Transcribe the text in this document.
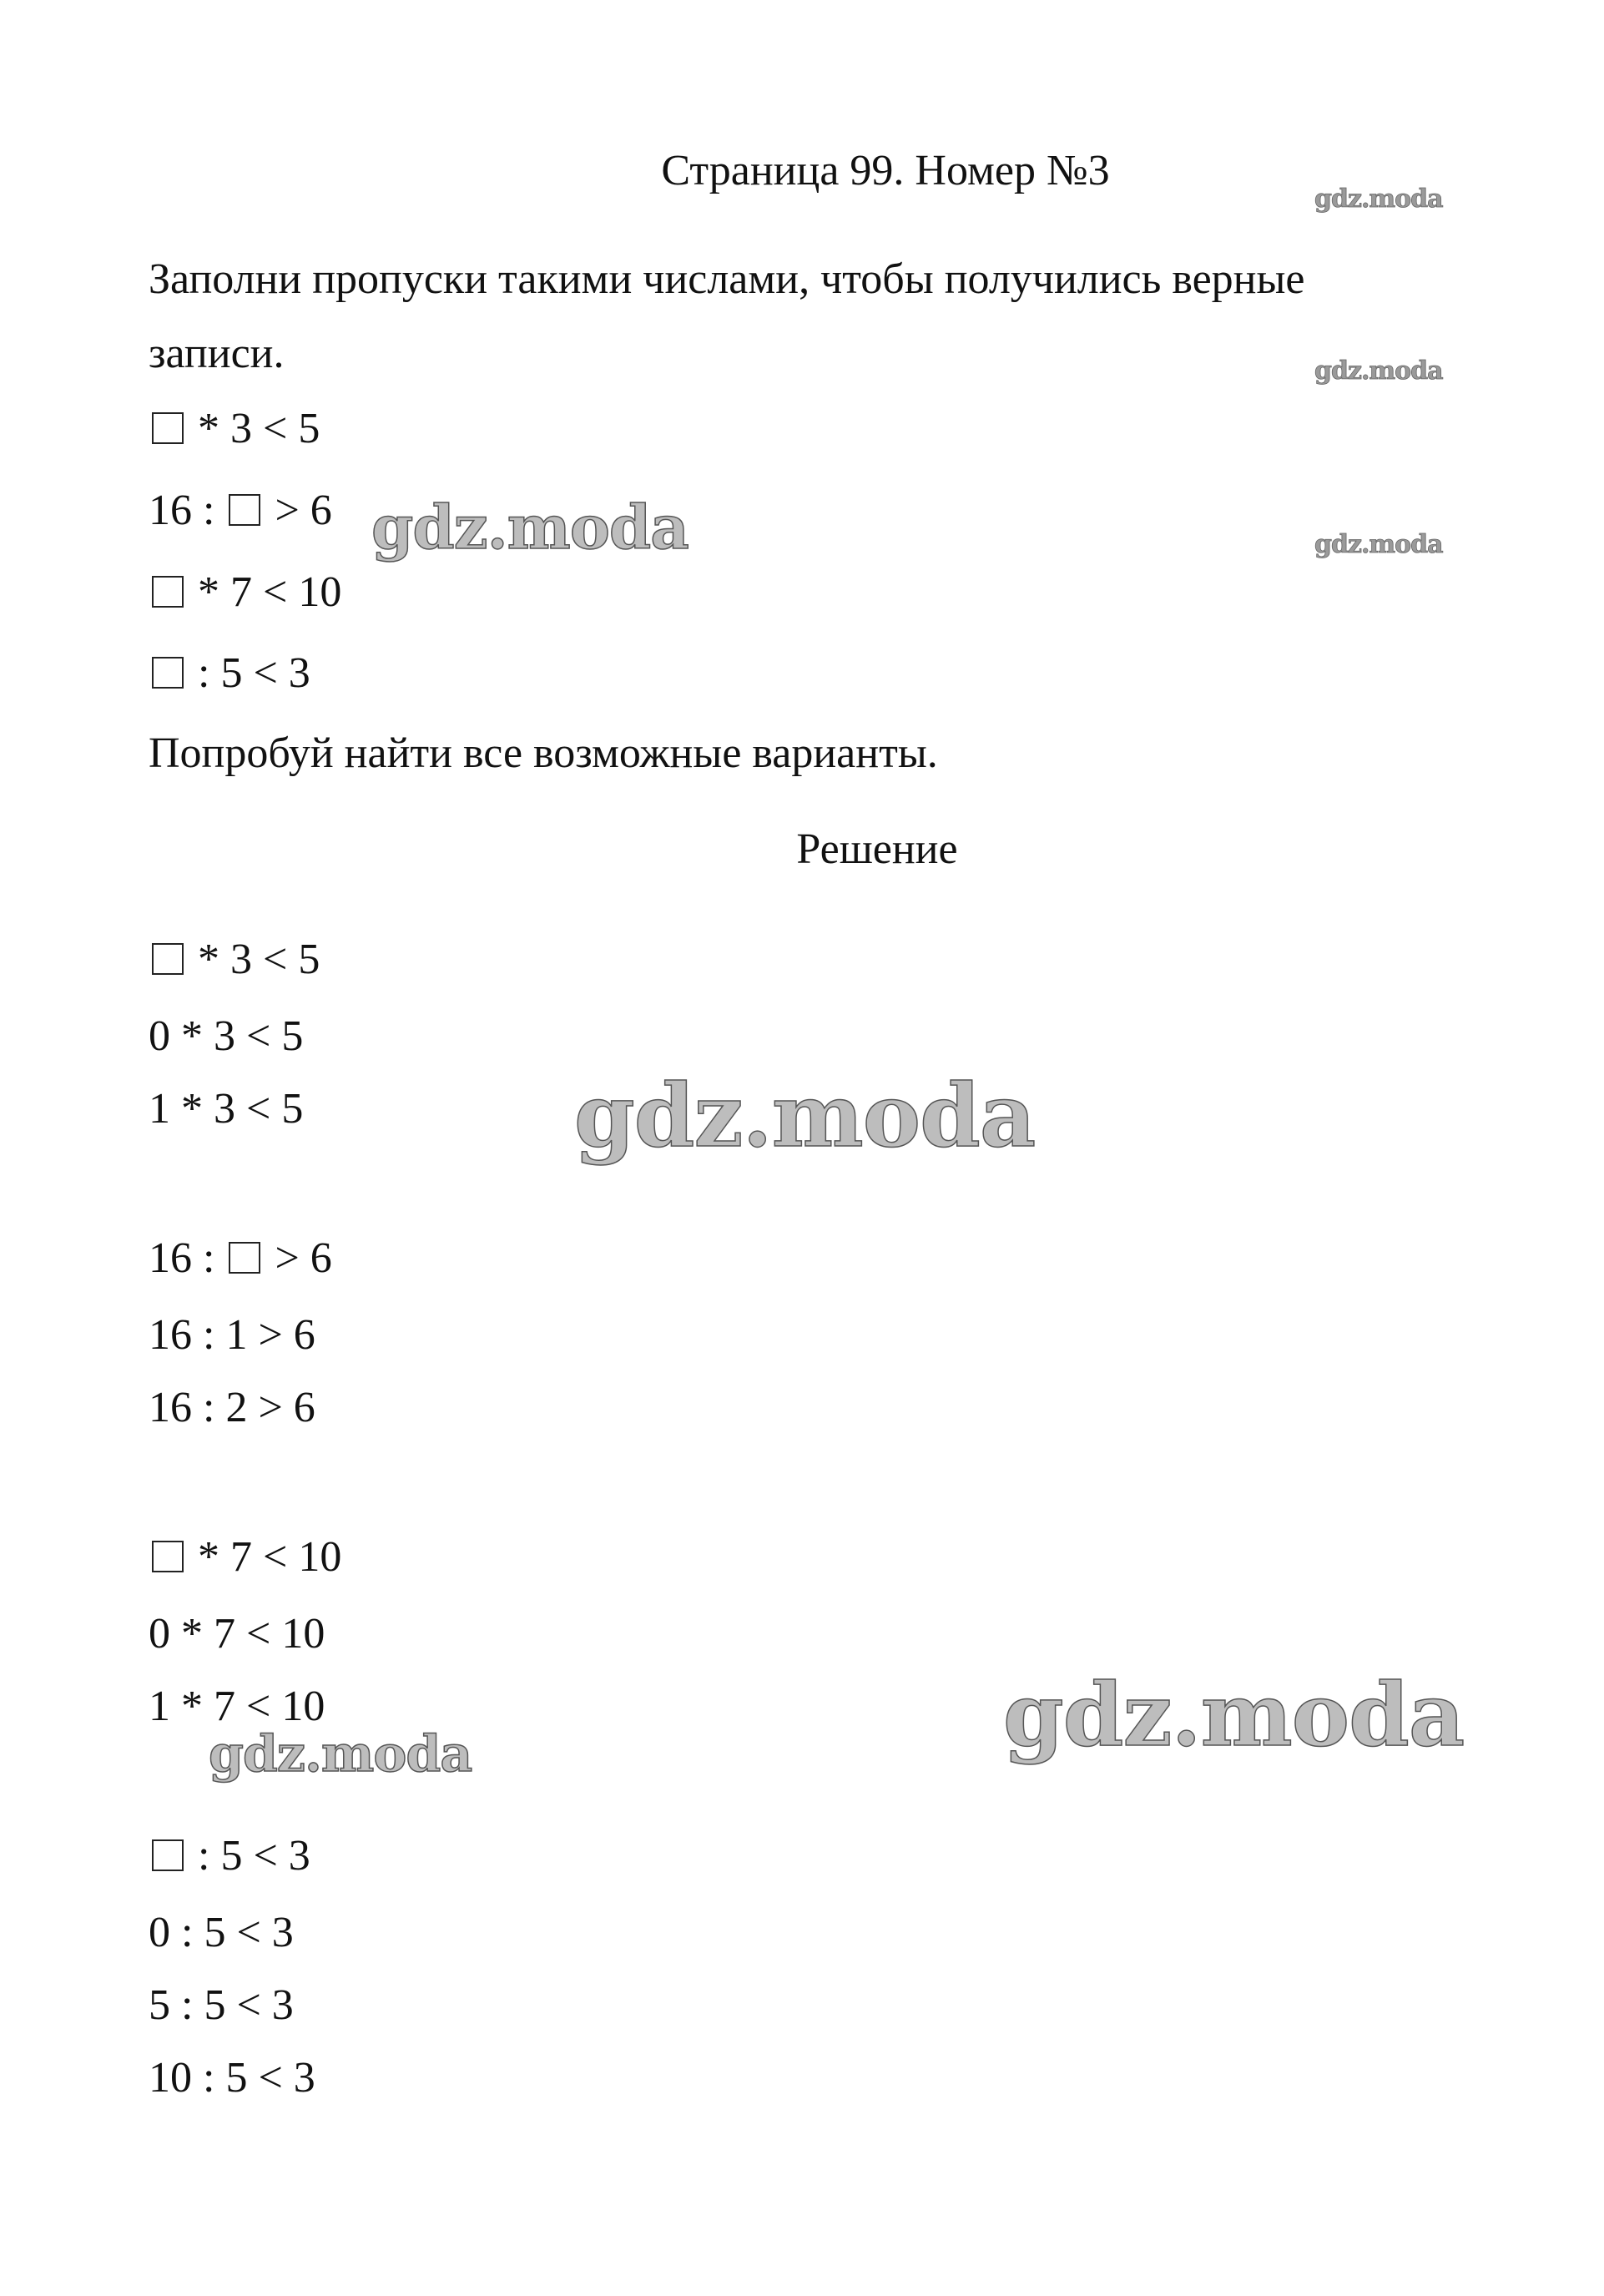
Страница 99. Номер №3
Заполни пропуски такими числами, чтобы получились верные
записи.
* 3 < 5
16 :  > 6
* 7 < 10
: 5 < 3
Попробуй найти все возможные варианты.
Решение
* 3 < 5
0 * 3 < 5
1 * 3 < 5
16 :  > 6
16 : 1 > 6
16 : 2 > 6
* 7 < 10
0 * 7 < 10
1 * 7 < 10
: 5 < 3
0 : 5 < 3
5 : 5 < 3
10 : 5 < 3
gdz.moda
gdz.moda
gdz.moda
gdz.moda
gdz.moda
gdz.moda
gdz.moda
